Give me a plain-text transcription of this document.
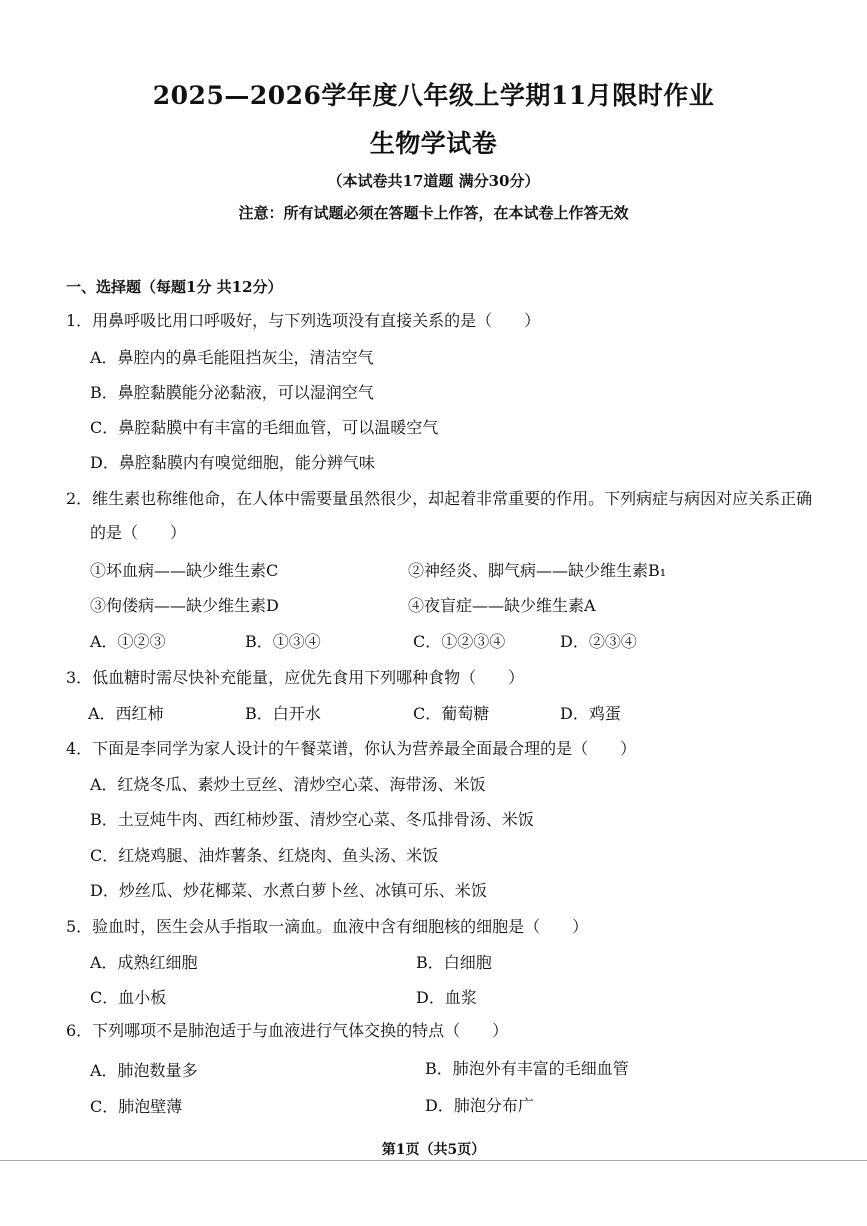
2025—2026学年度八年级上学期11月限时作业
生物学试卷
（本试卷共17道题 满分30分）
注意：所有试题必须在答题卡上作答，在本试卷上作答无效
一、选择题（每题1分 共12分）
1．用鼻呼吸比用口呼吸好，与下列选项没有直接关系的是（　　）
A．鼻腔内的鼻毛能阻挡灰尘，清洁空气
B．鼻腔黏膜能分泌黏液，可以湿润空气
C．鼻腔黏膜中有丰富的毛细血管，可以温暖空气
D．鼻腔黏膜内有嗅觉细胞，能分辨气味
2．维生素也称维他命，在人体中需要量虽然很少，却起着非常重要的作用。下列病症与病因对应关系正确
的是（　　）
①坏血病——缺少维生素C	②神经炎、脚气病——缺少维生素B₁
③佝偻病——缺少维生素D	④夜盲症——缺少维生素A
A．①②③	B．①③④	C．①②③④	D．②③④
3．低血糖时需尽快补充能量，应优先食用下列哪种食物（　　）
A．西红柿	B．白开水	C．葡萄糖	D．鸡蛋
4．下面是李同学为家人设计的午餐菜谱，你认为营养最全面最合理的是（　　）
A．红烧冬瓜、素炒土豆丝、清炒空心菜、海带汤、米饭
B．土豆炖牛肉、西红柿炒蛋、清炒空心菜、冬瓜排骨汤、米饭
C．红烧鸡腿、油炸薯条、红烧肉、鱼头汤、米饭
D．炒丝瓜、炒花椰菜、水煮白萝卜丝、冰镇可乐、米饭
5．验血时，医生会从手指取一滴血。血液中含有细胞核的细胞是（　　）
A．成熟红细胞	B．白细胞
C．血小板	D．血浆
6．下列哪项不是肺泡适于与血液进行气体交换的特点（　　）
A．肺泡数量多	B．肺泡外有丰富的毛细血管
C．肺泡壁薄	D．肺泡分布广
第1页（共5页）
